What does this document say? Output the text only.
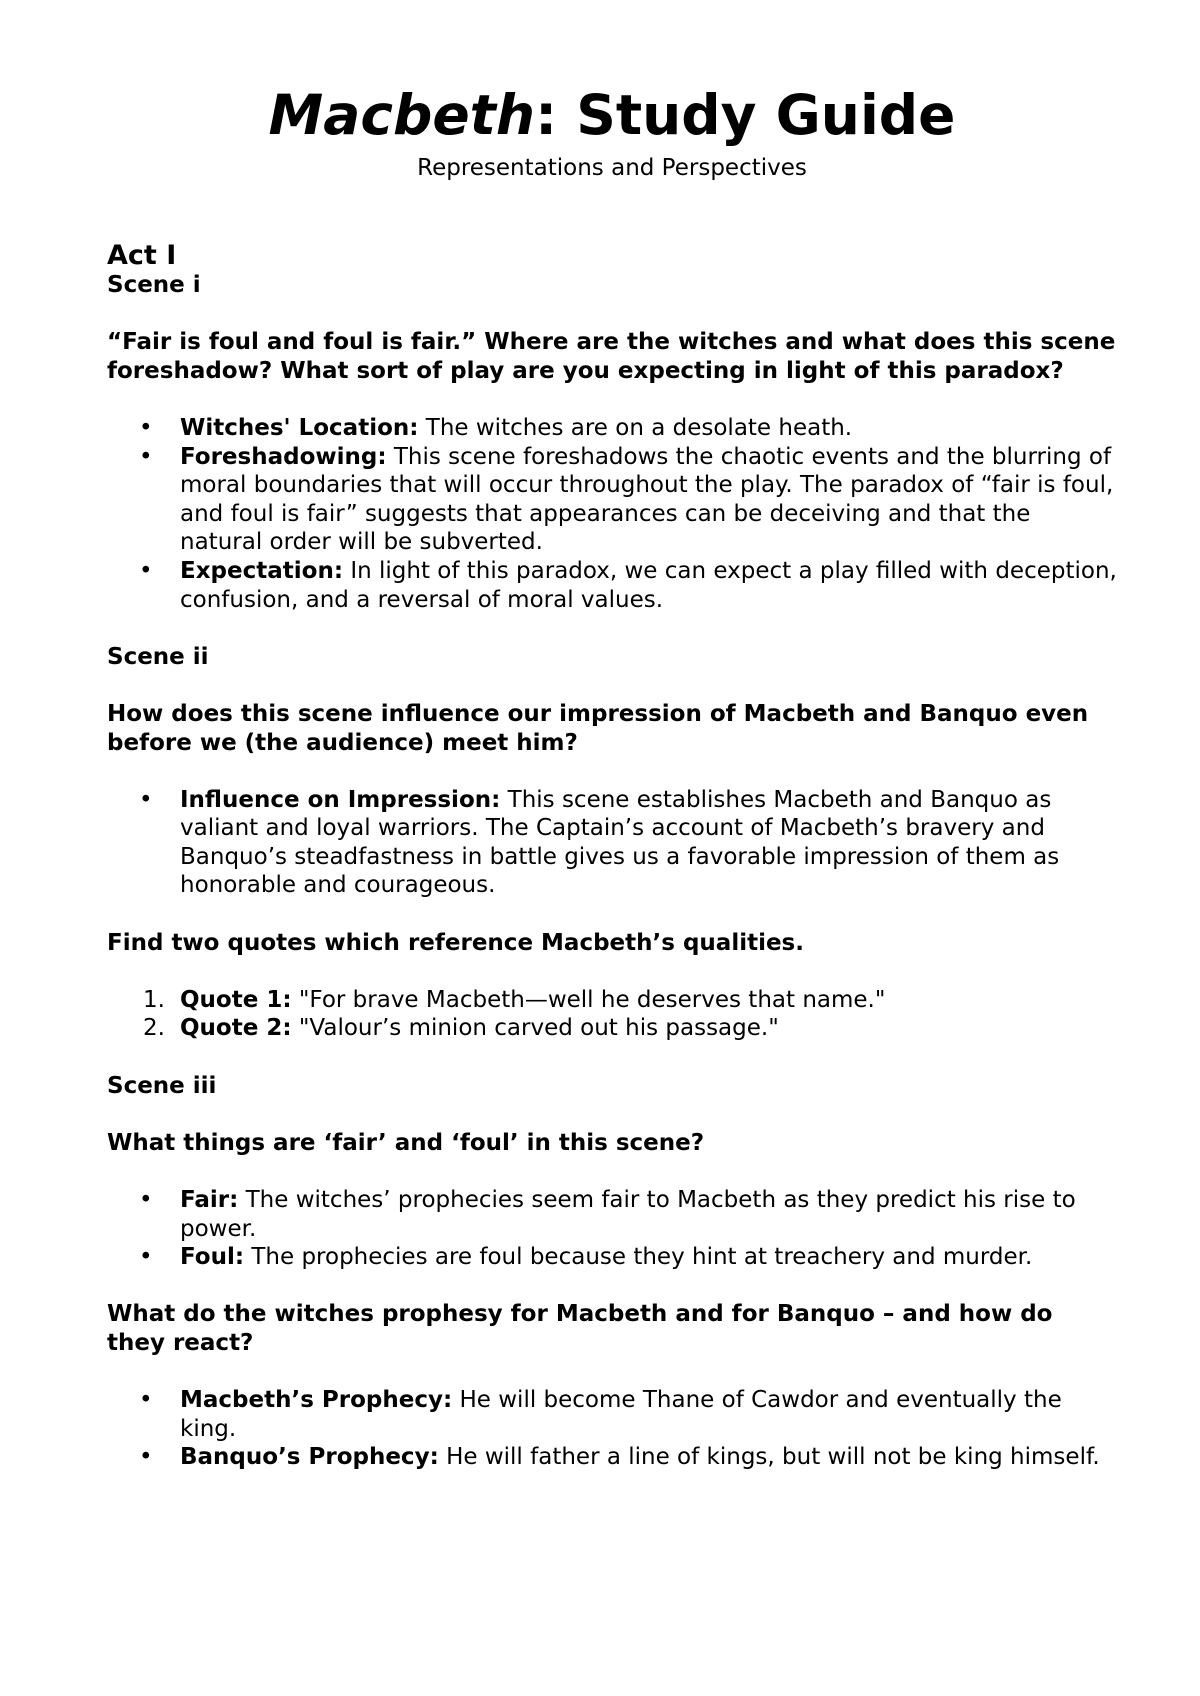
Macbeth: Study Guide
Representations and Perspectives

Act I

Scene i

“Fair is foul and foul is fair.” Where are the witches and what does this scene foreshadow? What sort of play are you expecting in light of this paradox?

• Witches' Location: The witches are on a desolate heath.
• Foreshadowing: This scene foreshadows the chaotic events and the blurring of moral boundaries that will occur throughout the play. The paradox of “fair is foul, and foul is fair” suggests that appearances can be deceiving and that the natural order will be subverted.
• Expectation: In light of this paradox, we can expect a play filled with deception, confusion, and a reversal of moral values.

Scene ii

How does this scene influence our impression of Macbeth and Banquo even before we (the audience) meet him?

• Influence on Impression: This scene establishes Macbeth and Banquo as valiant and loyal warriors. The Captain’s account of Macbeth’s bravery and Banquo’s steadfastness in battle gives us a favorable impression of them as honorable and courageous.

Find two quotes which reference Macbeth’s qualities.

1. Quote 1: "For brave Macbeth—well he deserves that name."
2. Quote 2: "Valour’s minion carved out his passage."

Scene iii

What things are ‘fair’ and ‘foul’ in this scene?

• Fair: The witches’ prophecies seem fair to Macbeth as they predict his rise to power.
• Foul: The prophecies are foul because they hint at treachery and murder.

What do the witches prophesy for Macbeth and for Banquo – and how do they react?

• Macbeth’s Prophecy: He will become Thane of Cawdor and eventually the king.
• Banquo’s Prophecy: He will father a line of kings, but will not be king himself.
